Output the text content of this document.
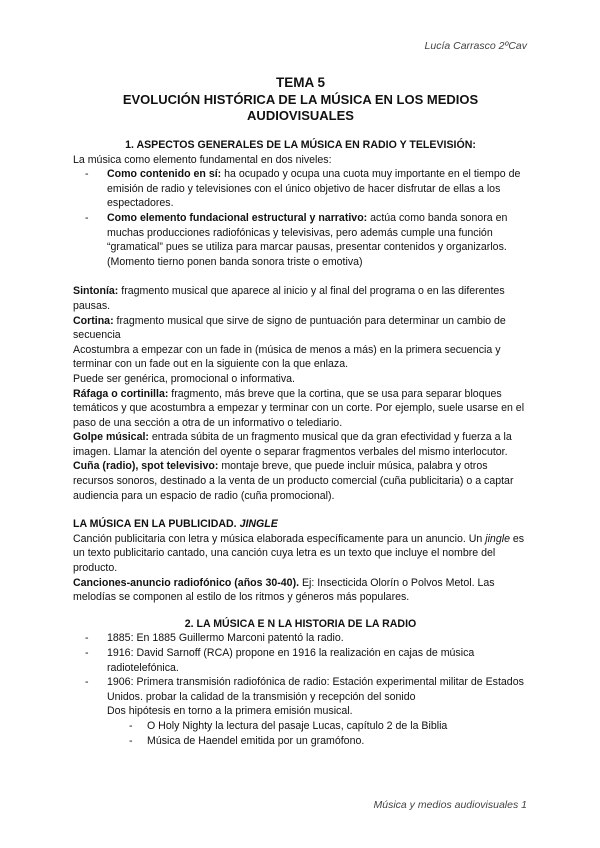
Lucía Carrasco 2ºCav
TEMA 5
EVOLUCIÓN HISTÓRICA DE LA MÚSICA EN LOS MEDIOS
AUDIOVISUALES
1. ASPECTOS GENERALES DE LA MÚSICA EN RADIO Y TELEVISIÓN:

La música como elemento fundamental en dos niveles:

- Como contenido en sí: ha ocupado y ocupa una cuota muy importante en el tiempo de emisión de radio y televisiones con el único objetivo de hacer disfrutar de ellas a los espectadores.
- Como elemento fundacional estructural y narrativo: actúa como banda sonora en muchas producciones radiofónicas y televisivas, pero además cumple una función “gramatical” pues se utiliza para marcar pausas, presentar contenidos y organizarlos. (Momento tierno ponen banda sonora triste o emotiva)

Sintonía: fragmento musical que aparece al inicio y al final del programa o en las diferentes pausas.

Cortina: fragmento musical que sirve de signo de puntuación para determinar un cambio de secuencia

Acostumbra a empezar con un fade in (música de menos a más) en la primera secuencia y terminar con un fade out en la siguiente con la que enlaza.

Puede ser genérica, promocional o informativa.

Ráfaga o cortinilla: fragmento, más breve que la cortina, que se usa para separar bloques temáticos y que acostumbra a empezar y terminar con un corte. Por ejemplo, suele usarse en el paso de una sección a otra de un informativo o telediario.

Golpe músical: entrada súbita de un fragmento musical que da gran efectividad y fuerza a la imagen. Llamar la atención del oyente o separar fragmentos verbales del mismo interlocutor.

Cuña (radio), spot televisivo: montaje breve, que puede incluir música, palabra y otros recursos sonoros, destinado a la venta de un producto comercial (cuña publicitaria) o a captar audiencia para un espacio de radio (cuña promocional).

LA MÚSICA EN LA PUBLICIDAD. JINGLE

Canción publicitaria con letra y música elaborada específicamente para un anuncio. Un jingle es un texto publicitario cantado, una canción cuya letra es un texto que incluye el nombre del producto.

Canciones-anuncio radiofónico (años 30-40). Ej: Insecticida Olorín o Polvos Metol. Las melodías se componen al estilo de los ritmos y géneros más populares.

2. LA MÚSICA E N LA HISTORIA DE LA RADIO
- 1885: En 1885 Guillermo Marconi patentó la radio.
- 1916: David Sarnoff (RCA) propone en 1916 la realización en cajas de música radiotelefónica.
- 1906: Primera transmisión radiofónica de radio: Estación experimental militar de Estados Unidos. probar la calidad de la transmisión y recepción del sonido
Dos hipótesis en torno a la primera emisión musical.
- O Holy Nighty la lectura del pasaje Lucas, capítulo 2 de la Biblia
- Música de Haendel emitida por un gramófono.
Música y medios audiovisuales 1
